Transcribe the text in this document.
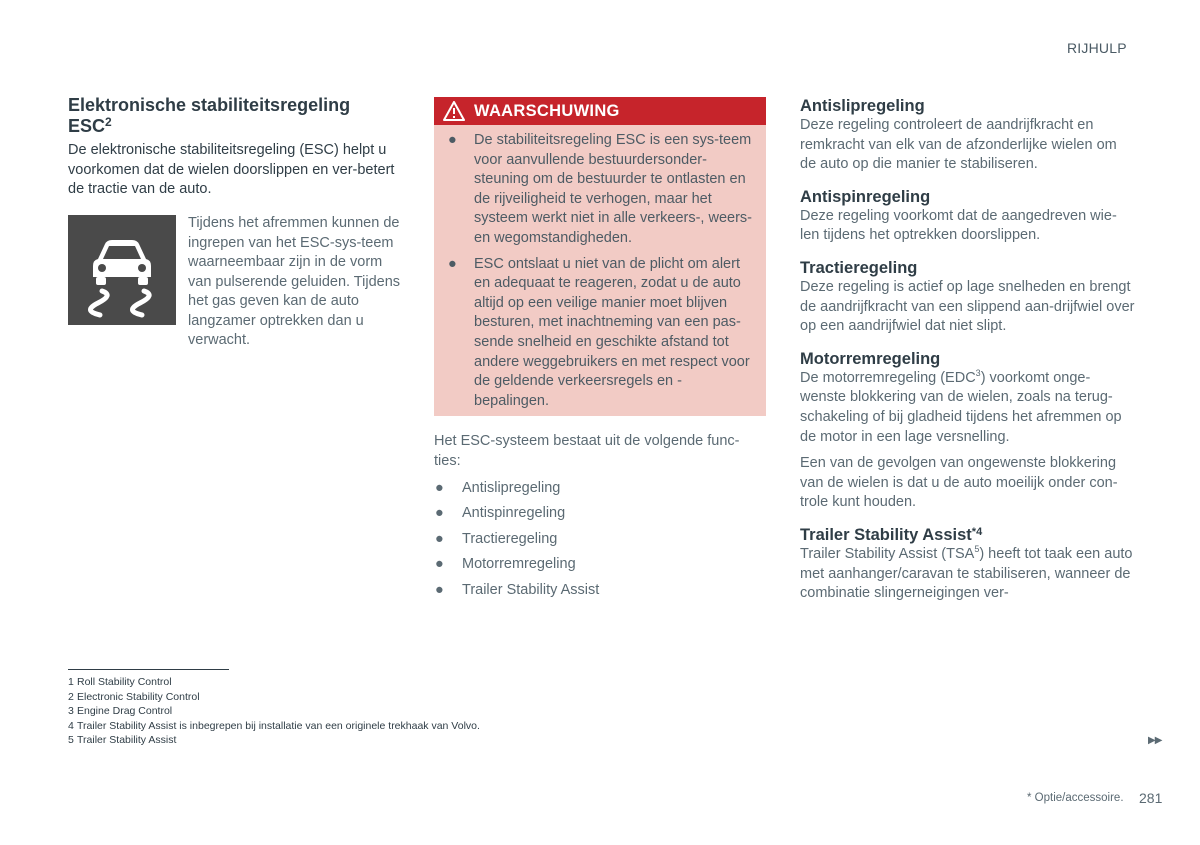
RIJHULP
Elektronische stabiliteitsregeling ESC$^2$

De elektronische stabiliteitsregeling (ESC) helpt u voorkomen dat de wielen doorslippen en ver-betert de tractie van de auto.

Tijdens het afremmen kunnen de ingrepen van het ESC-sys-teem waarneembaar zijn in de vorm van pulserende geluiden. Tijdens het gas geven kan de auto langzamer optrekken dan u verwacht.
WAARSCHUWING
● De stabiliteitsregeling ESC is een sys-teem voor aanvullende bestuurdersonder-steuning om de bestuurder te ontlasten en de rijveiligheid te verhogen, maar het systeem werkt niet in alle verkeers-, weers- en wegomstandigheden.
● ESC ontslaat u niet van de plicht om alert en adequaat te reageren, zodat u de auto altijd op een veilige manier moet blijven besturen, met inachtneming van een pas-sende snelheid en geschikte afstand tot andere weggebruikers en met respect voor de geldende verkeersregels en -bepalingen.
Het ESC-systeem bestaat uit de volgende func-ties:
● Antislipregeling
● Antispinregeling
● Tractieregeling
● Motorremregeling
● Trailer Stability Assist
Antislipregeling

Deze regeling controleert de aandrijfkracht en remkracht van elk van de afzonderlijke wielen om de auto op die manier te stabiliseren.

Antispinregeling

Deze regeling voorkomt dat de aangedreven wie-len tijdens het optrekken doorslippen.

Tractieregeling

Deze regeling is actief op lage snelheden en brengt de aandrijfkracht van een slippend aan-drijfwiel over op een aandrijfwiel dat niet slipt.

Motorremregeling

De motorremregeling (EDC$^3$) voorkomt onge-wenste blokkering van de wielen, zoals na terug-schakeling of bij gladheid tijdens het afremmen op de motor in een lage versnelling.

Een van de gevolgen van ongewenste blokkering van de wielen is dat u de auto moeilijk onder con-trole kunt houden.

Trailer Stability Assist$^{*4}$

Trailer Stability Assist (TSA$^5$) heeft tot taak een auto met aanhanger/caravan te stabiliseren, wanneer de combinatie slingerneigingen ver-

1 Roll Stability Control
2 Electronic Stability Control
3 Engine Drag Control
4 Trailer Stability Assist is inbegrepen bij installatie van een originele trekhaak van Volvo.
5 Trailer Stability Assist	▶▶
* Optie/accessoire. 281
